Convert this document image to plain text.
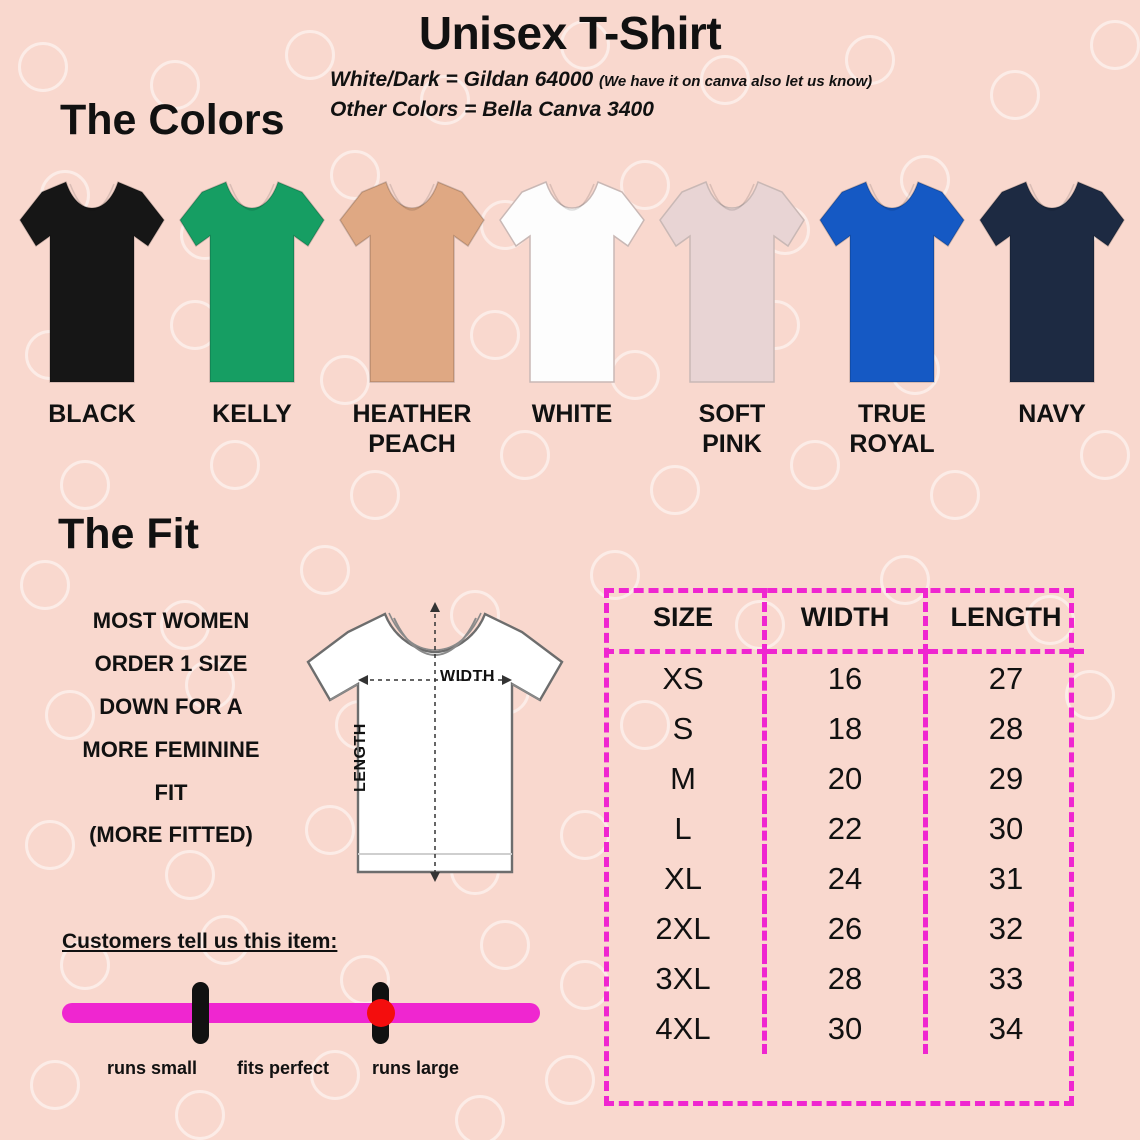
Unisex T-Shirt
White/Dark = Gildan 64000 (We have it on canva also let us know)
Other Colors = Bella Canva 3400
The Colors
BLACK	KELLY	HEATHER
PEACH
WHITE	SOFT
PINK
TRUE
ROYAL
NAVY
The Fit
MOST WOMEN
ORDER 1 SIZE
DOWN FOR A
MORE FEMININE
FIT
(MORE FITTED)
WIDTH
LENGTH
Customers tell us this item:
runs small fits perfect runs large
SIZE	WIDTH	LENGTH
XS	16	27
S	18	28
M	20	29
L	22	30
XL	24	31
2XL	26	32
3XL	28	33
4XL	30	34
